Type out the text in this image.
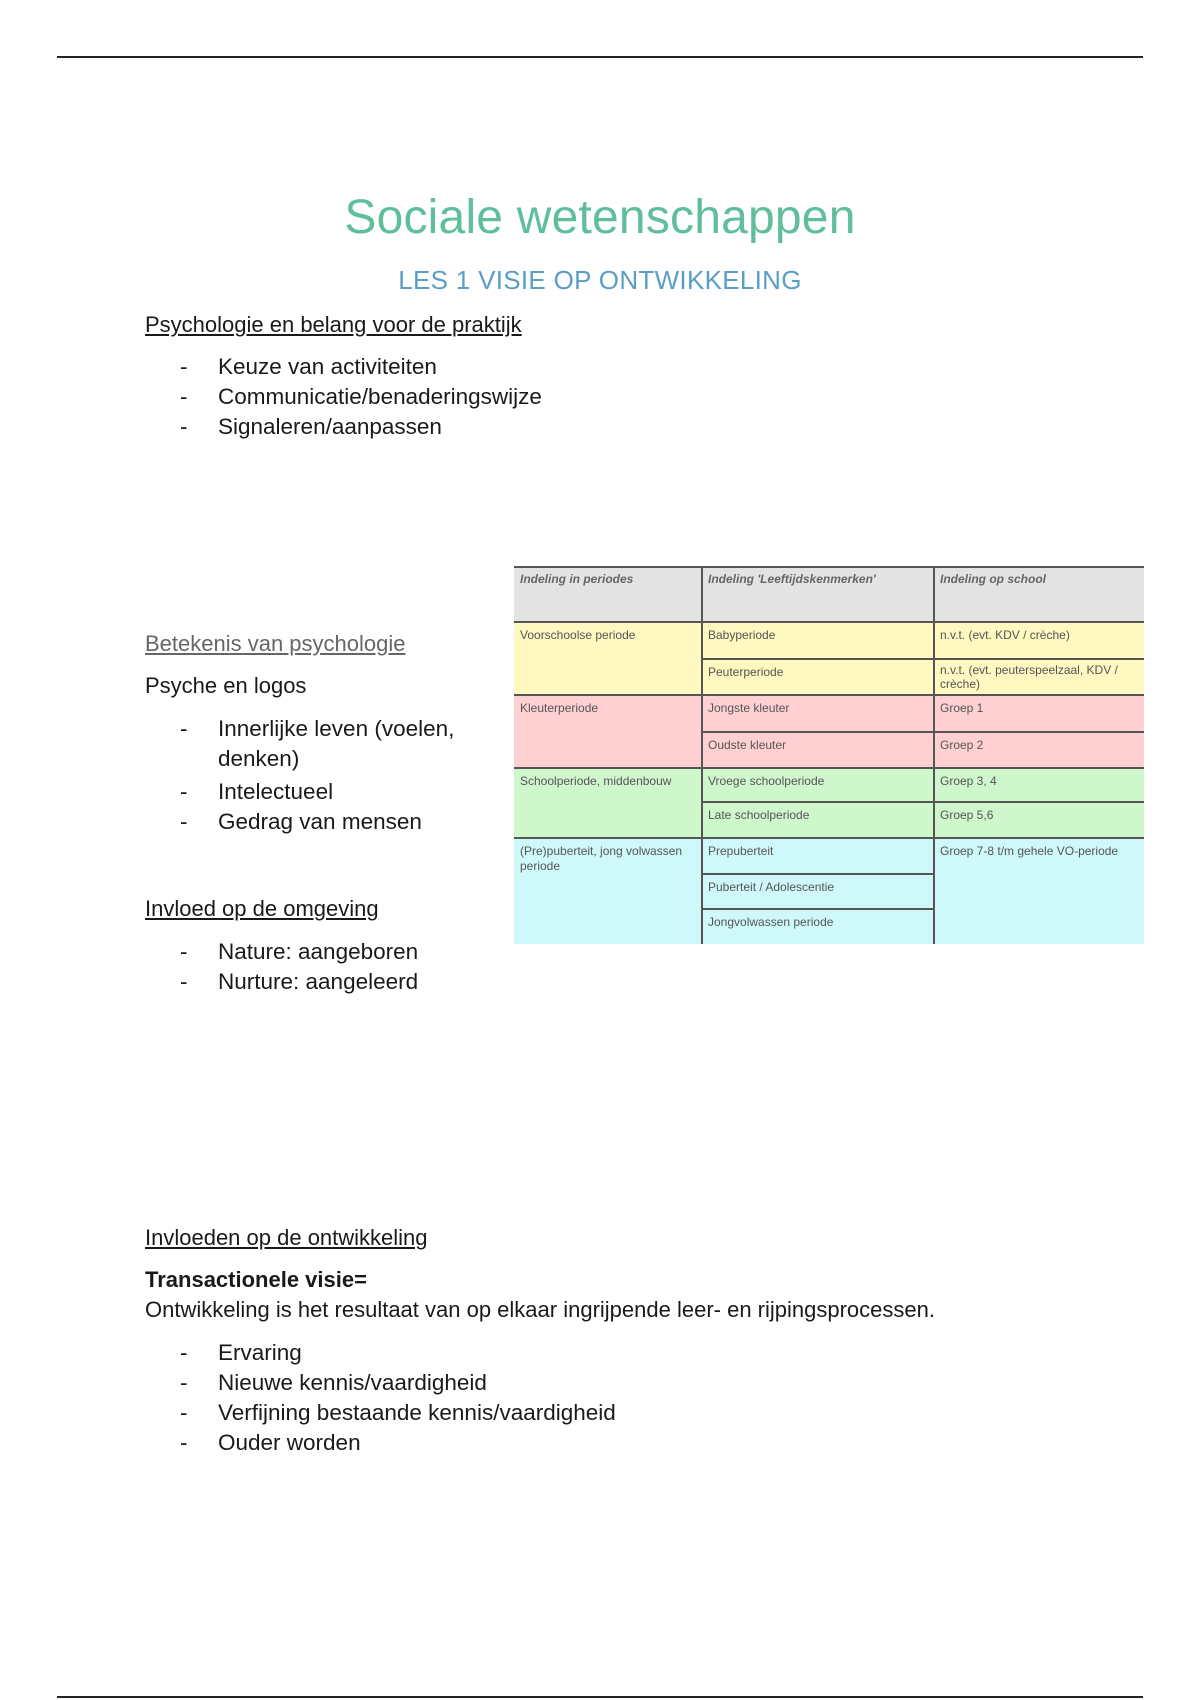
Sociale wetenschappen
LES 1 VISIE OP ONTWIKKELING
Psychologie en belang voor de praktijk
- Keuze van activiteiten
- Communicatie/benaderingswijze
- Signaleren/aanpassen
Betekenis van psychologie
Psyche en logos
- Innerlijke leven (voelen, denken)
- Intelectueel
- Gedrag van mensen
Invloed op de omgeving
- Nature: aangeboren
- Nurture: aangeleerd
Indeling in periodes	Indeling 'Leeftijdskenmerken'	Indeling op school
Voorschoolse periode
Kleuterperiode
Schoolperiode, middenbouw
(Pre)puberteit, jong volwassen periode
Babyperiode
Peuterperiode
Jongste kleuter
Oudste kleuter
Vroege schoolperiode
Late schoolperiode
Prepuberteit
Puberteit / Adolescentie
Jongvolwassen periode
n.v.t. (evt. KDV / crèche)
n.v.t. (evt. peuterspeelzaal, KDV / crèche)
Groep 1
Groep 2
Groep 3, 4
Groep 5,6
Groep 7-8 t/m gehele VO-periode
Invloeden op de ontwikkeling
Transactionele visie=
Ontwikkeling is het resultaat van op elkaar ingrijpende leer- en rijpingsprocessen.
- Ervaring
- Nieuwe kennis/vaardigheid
- Verfijning bestaande kennis/vaardigheid
- Ouder worden
